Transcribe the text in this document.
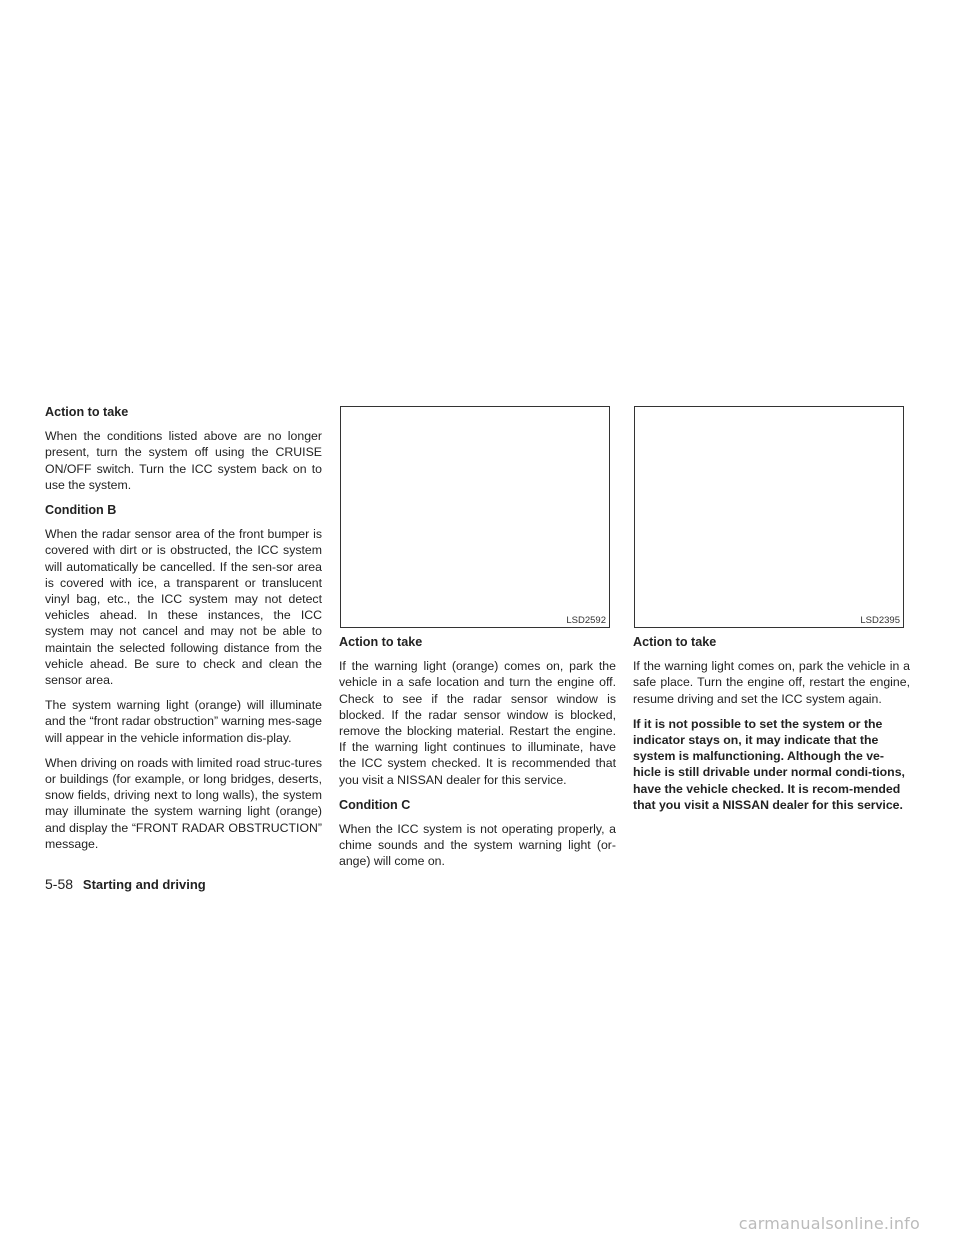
Action to take

When the conditions listed above are no longer present, turn the system off using the CRUISE ON/OFF switch. Turn the ICC system back on to use the system.

Condition B

When the radar sensor area of the front bumper is covered with dirt or is obstructed, the ICC system will automatically be cancelled. If the sen-sor area is covered with ice, a transparent or translucent vinyl bag, etc., the ICC system may not detect vehicles ahead. In these instances, the ICC system may not cancel and may not be able to maintain the selected following distance from the vehicle ahead. Be sure to check and clean the sensor area.

The system warning light (orange) will illuminate and the “front radar obstruction” warning mes-sage will appear in the vehicle information dis-play.

When driving on roads with limited road struc-tures or buildings (for example, or long bridges, deserts, snow fields, driving next to long walls), the system may illuminate the system warning light (orange) and display the “FRONT RADAR OBSTRUCTION” message.

LSD2592	LSD2395
Action to take

If the warning light (orange) comes on, park the vehicle in a safe location and turn the engine off. Check to see if the radar sensor window is blocked. If the radar sensor window is blocked, remove the blocking material. Restart the engine. If the warning light continues to illuminate, have the ICC system checked. It is recommended that you visit a NISSAN dealer for this service.

Condition C

When the ICC system is not operating properly, a chime sounds and the system warning light (or-ange) will come on.

Action to take

If the warning light comes on, park the vehicle in a safe place. Turn the engine off, restart the engine, resume driving and set the ICC system again.

If it is not possible to set the system or the indicator stays on, it may indicate that the system is malfunctioning. Although the ve-hicle is still drivable under normal condi-tions, have the vehicle checked. It is recom-mended that you visit a NISSAN dealer for this service.

5-58 Starting and driving
carmanualsonline.info
